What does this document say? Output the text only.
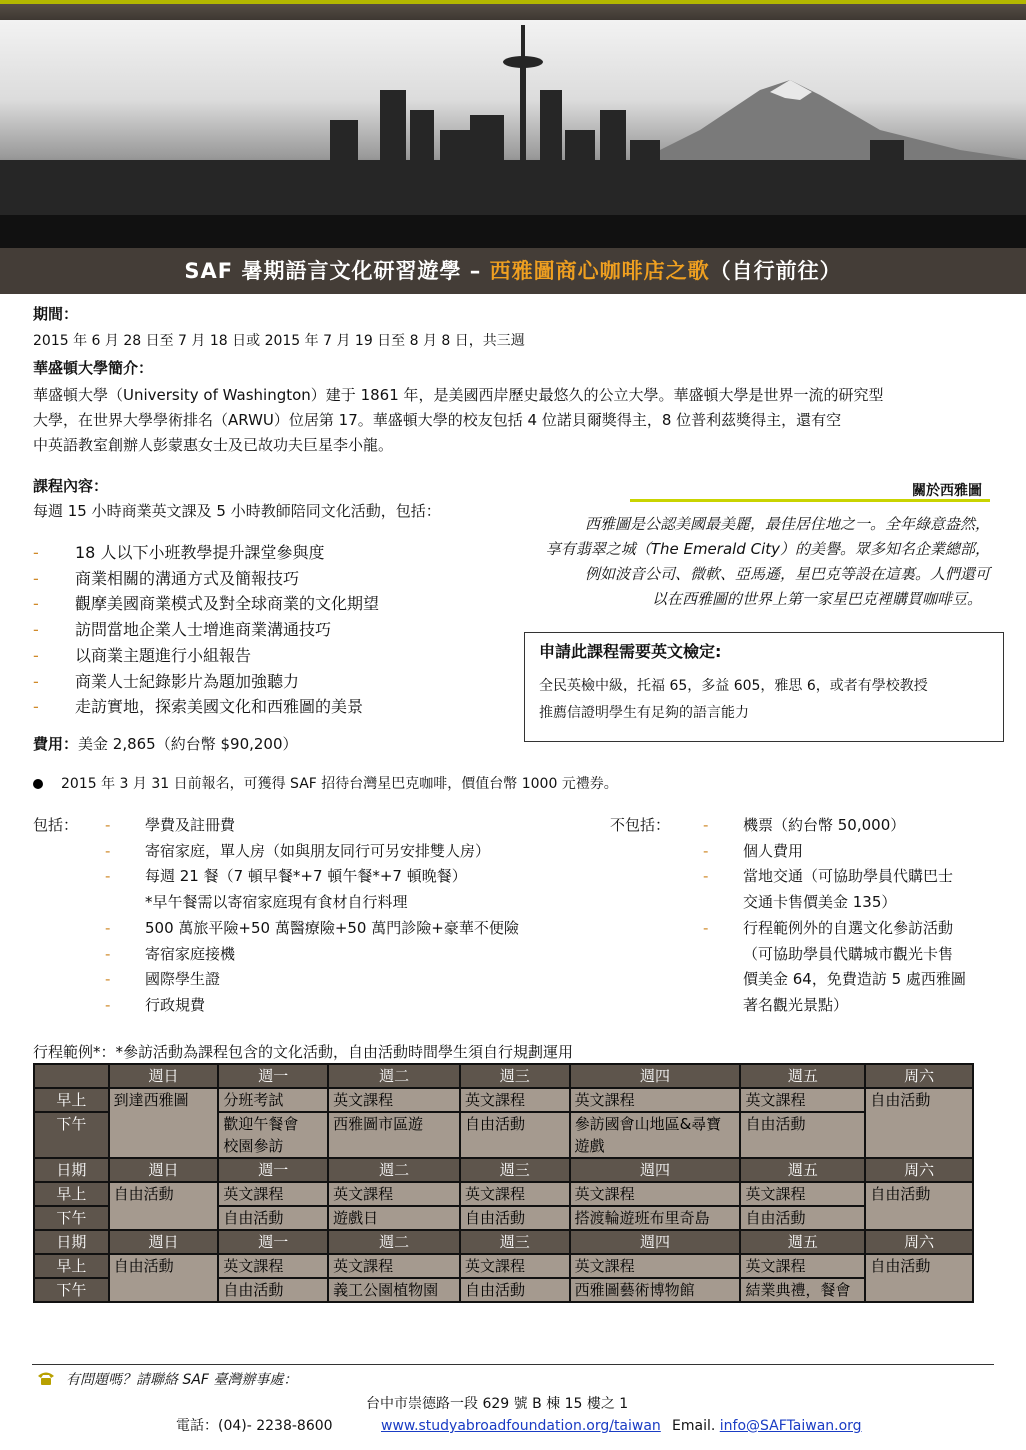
SAF 暑期語言文化研習遊學 – 西雅圖商心咖啡店之歌（自行前往）
期間：
2015 年 6 月 28 日至 7 月 18 日或 2015 年 7 月 19 日至 8 月 8 日，共三週
華盛頓大學簡介：
華盛頓大學（University of Washington）建于 1861 年，是美國西岸歷史最悠久的公立大學。華盛頓大學是世界一流的研究型
大學，在世界大學學術排名（ARWU）位居第 17。華盛頓大學的校友包括 4 位諾貝爾獎得主，8 位普利茲獎得主，還有空
中英語教室創辦人彭蒙惠女士及已故功夫巨星李小龍。
課程內容：
每週 15 小時商業英文課及 5 小時教師陪同文化活動，包括：
-	18 人以下小班教學提升課堂參與度
-	商業相關的溝通方式及簡報技巧
-	觀摩美國商業模式及對全球商業的文化期望
-	訪問當地企業人士增進商業溝通技巧
-	以商業主題進行小組報告
-	商業人士紀錄影片為題加強聽力
-	走訪實地，探索美國文化和西雅圖的美景
關於西雅圖
西雅圖是公認美國最美麗，最佳居住地之一。全年綠意盎然，
享有翡翠之城（The Emerald City）的美譽。眾多知名企業總部，
例如波音公司、微軟、亞馬遜，星巴克等設在這裏。人們還可
以在西雅圖的世界上第一家星巴克裡購買咖啡豆。
申請此課程需要英文檢定:
全民英檢中級，托福 65，多益 605，雅思 6，或者有學校教授
推薦信證明學生有足夠的語言能力
費用：美金 2,865（約台幣 $90,200）
2015 年 3 月 31 日前報名，可獲得 SAF 招待台灣星巴克咖啡，價值台幣 1000 元禮券。
包括： -	學費及註冊費
-	寄宿家庭，單人房（如與朋友同行可另安排雙人房）
-	每週 21 餐（7 頓早餐*+7 頓午餐*+7 頓晚餐）
*早午餐需以寄宿家庭現有食材自行料理
-	500 萬旅平險+50 萬醫療險+50 萬門診險+豪華不便險
-	寄宿家庭接機
-	國際學生證
-	行政規費
不包括： -	機票（約台幣 50,000）
-	個人費用
-	當地交通（可協助學員代購巴士
交通卡售價美金 135）
-	行程範例外的自選文化參訪活動
（可協助學員代購城市觀光卡售
價美金 64，免費造訪 5 處西雅圖
著名觀光景點）
行程範例*：*參訪活動為課程包含的文化活動，自由活動時間學生須自行規劃運用
	週日	週一	週二	週三	週四	週五	周六
早上	到達西雅圖	分班考試	英文課程	英文課程	英文課程	英文課程	自由活動
下午		歡迎午餐會	西雅圖市區遊	自由活動	參訪國會山地區&尋寶	自由活動	
		校園參訪			遊戲		
日期	週日	週一	週二	週三	週四	週五	周六
早上	自由活動	英文課程	英文課程	英文課程	英文課程	英文課程	自由活動
下午		自由活動	遊戲日	自由活動	搭渡輪遊班布里奇島	自由活動	
日期	週日	週一	週二	週三	週四	週五	周六
早上	自由活動	英文課程	英文課程	英文課程	英文課程	英文課程	自由活動
下午		自由活動	義工公園植物園	自由活動	西雅圖藝術博物館	結業典禮，餐會	
有問題嗎？請聯絡 SAF 臺灣辦事處：
台中市崇德路一段 629 號 B 棟 15 樓之 1
電話：(04)- 2238-8600	www.studyabroadfoundation.org/taiwan Email. info@SAFTaiwan.org
